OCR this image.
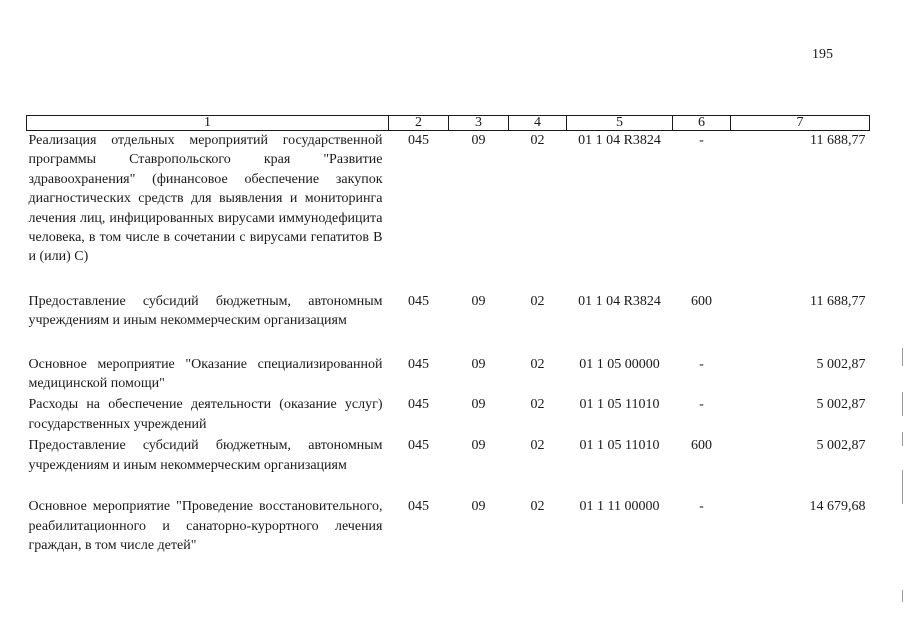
195
1	2	3	4	5	6	7
Реализация отдельных мероприятий государственной программы Ставропольского края "Развитие здравоохранения" (финансовое обеспечение закупок диагностических средств для выявления и мониторинга лечения лиц, инфицированных вирусами иммунодефицита человека, в том числе в сочетании с вирусами гепатитов В и (или) С)	045	09	02	01 1 04 R3824	-	11 688,77

Предоставление субсидий бюджетным, автономным учреждениям и иным некоммерческим организациям	045	09	02	01 1 04 R3824	600	11 688,77

Основное мероприятие "Оказание специализированной медицинской помощи"	045	09	02	01 1 05 00000	-	5 002,87

Расходы на обеспечение деятельности (оказание услуг) государственных учреждений	045	09	02	01 1 05 11010	-	5 002,87

Предоставление субсидий бюджетным, автономным учреждениям и иным некоммерческим организациям	045	09	02	01 1 05 11010	600	5 002,87

Основное мероприятие "Проведение восстановительного, реабилитационного и санаторно-курортного лечения граждан, в том числе детей"	045	09	02	01 1 11 00000	-	14 679,68
